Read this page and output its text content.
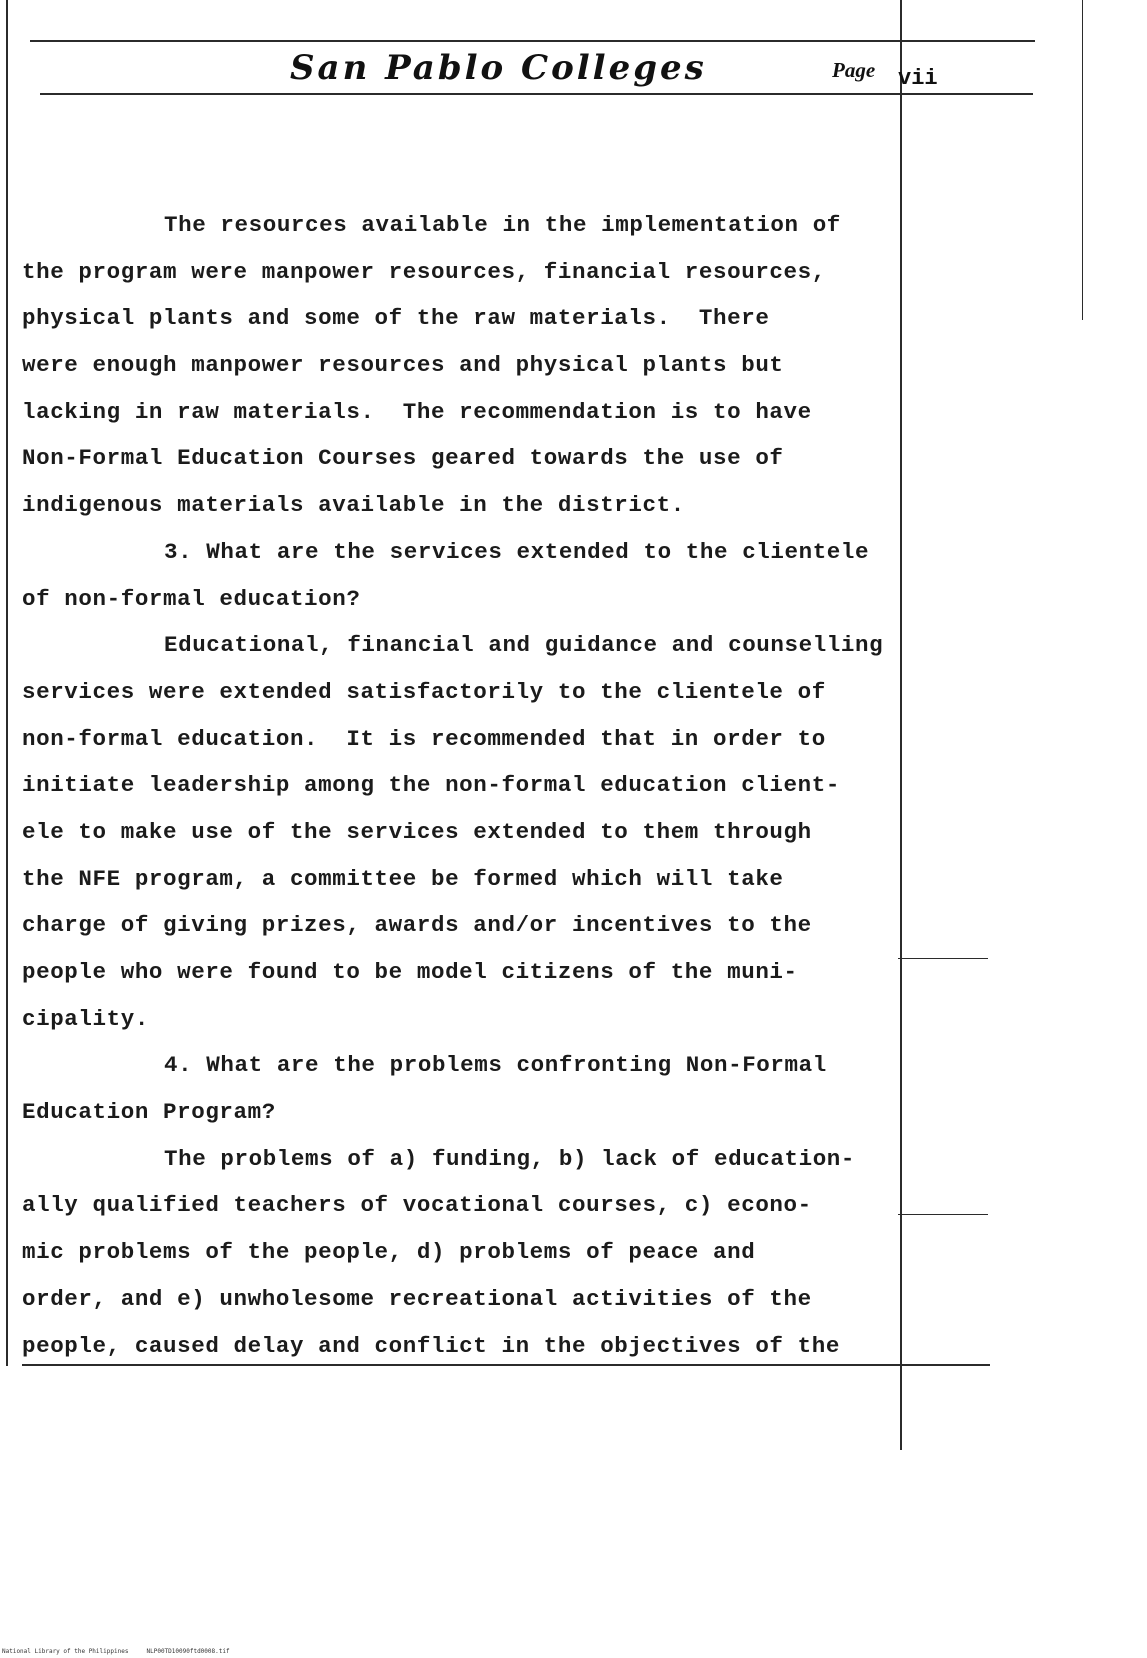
San Pablo Colleges	Page vii
The resources available in the implementation of
the program were manpower resources, financial resources,
physical plants and some of the raw materials.  There
were enough manpower resources and physical plants but
lacking in raw materials.  The recommendation is to have
Non-Formal Education Courses geared towards the use of
indigenous materials available in the district.
3. What are the services extended to the clientele
of non-formal education?
Educational, financial and guidance and counselling
services were extended satisfactorily to the clientele of
non-formal education.  It is recommended that in order to
initiate leadership among the non-formal education client-
ele to make use of the services extended to them through
the NFE program, a committee be formed which will take
charge of giving prizes, awards and/or incentives to the
people who were found to be model citizens of the muni-
cipality.
4. What are the problems confronting Non-Formal
Education Program?
The problems of a) funding, b) lack of education-
ally qualified teachers of vocational courses, c) econo-
mic problems of the people, d) problems of peace and
order, and e) unwholesome recreational activities of the
people, caused delay and conflict in the objectives of the
National Library of the Philippines     NLP00TD10090ftd0008.tif
